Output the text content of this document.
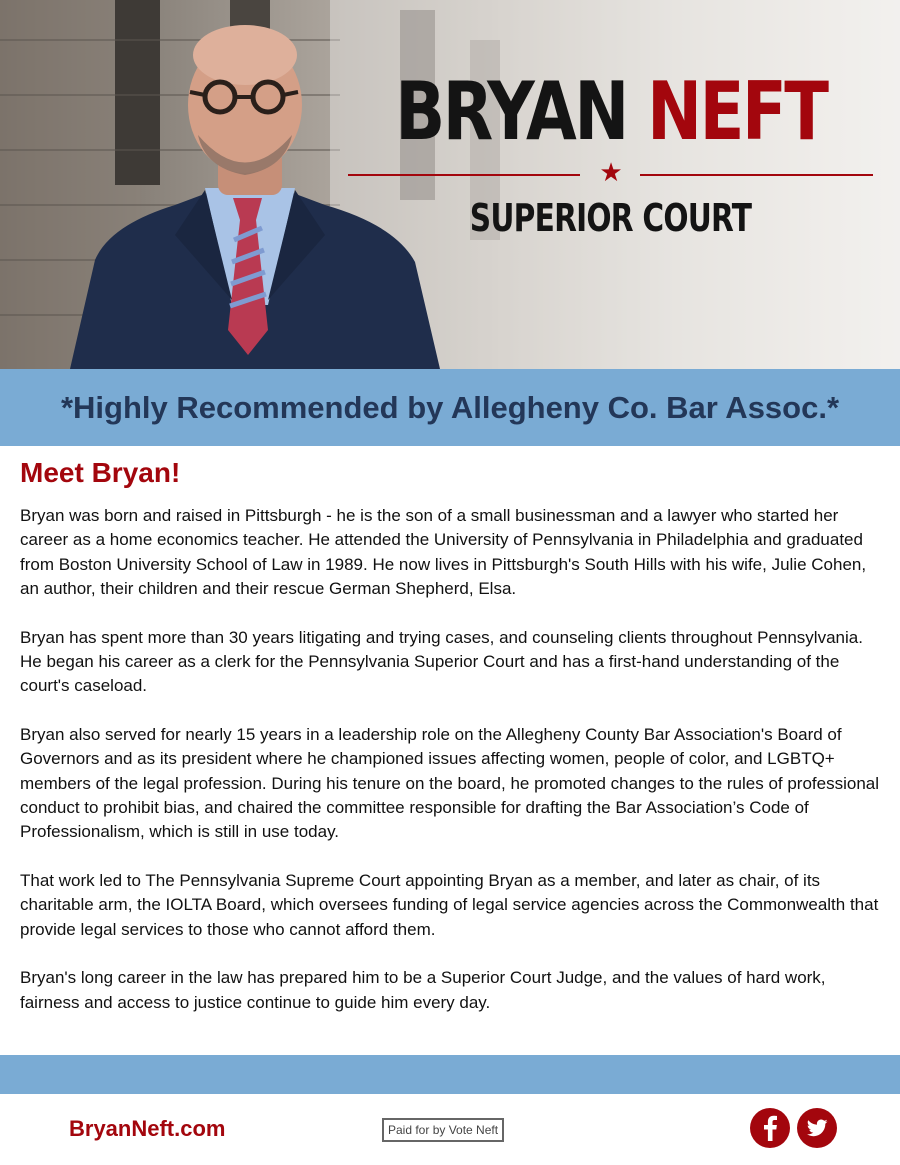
BRYAN NEFT
★
SUPERIOR COURT
*Highly Recommended by Allegheny Co. Bar Assoc.*
Meet Bryan!

Bryan was born and raised in Pittsburgh - he is the son of a small businessman and a lawyer who started her career as a home economics teacher. He attended the University of Pennsylvania in Philadelphia and graduated from Boston University School of Law in 1989. He now lives in Pittsburgh's South Hills with his wife, Julie Cohen, an author, their children and their rescue German Shepherd, Elsa.

Bryan has spent more than 30 years litigating and trying cases, and counseling clients throughout Pennsylvania. He began his career as a clerk for the Pennsylvania Superior Court and has a first-hand understanding of the court's caseload.

Bryan also served for nearly 15 years in a leadership role on the Allegheny County Bar Association's Board of Governors and as its president where he championed issues affecting women, people of color, and LGBTQ+ members of the legal profession. During his tenure on the board, he promoted changes to the rules of professional conduct to prohibit bias, and chaired the committee responsible for drafting the Bar Association’s Code of Professionalism, which is still in use today.

That work led to The Pennsylvania Supreme Court appointing Bryan as a member, and later as chair, of its charitable arm, the IOLTA Board, which oversees funding of legal service agencies across the Commonwealth that provide legal services to those who cannot afford them.

Bryan's long career in the law has prepared him to be a Superior Court Judge, and the values of hard work, fairness and access to justice continue to guide him every day.

BryanNeft.com	Paid for by Vote Neft
